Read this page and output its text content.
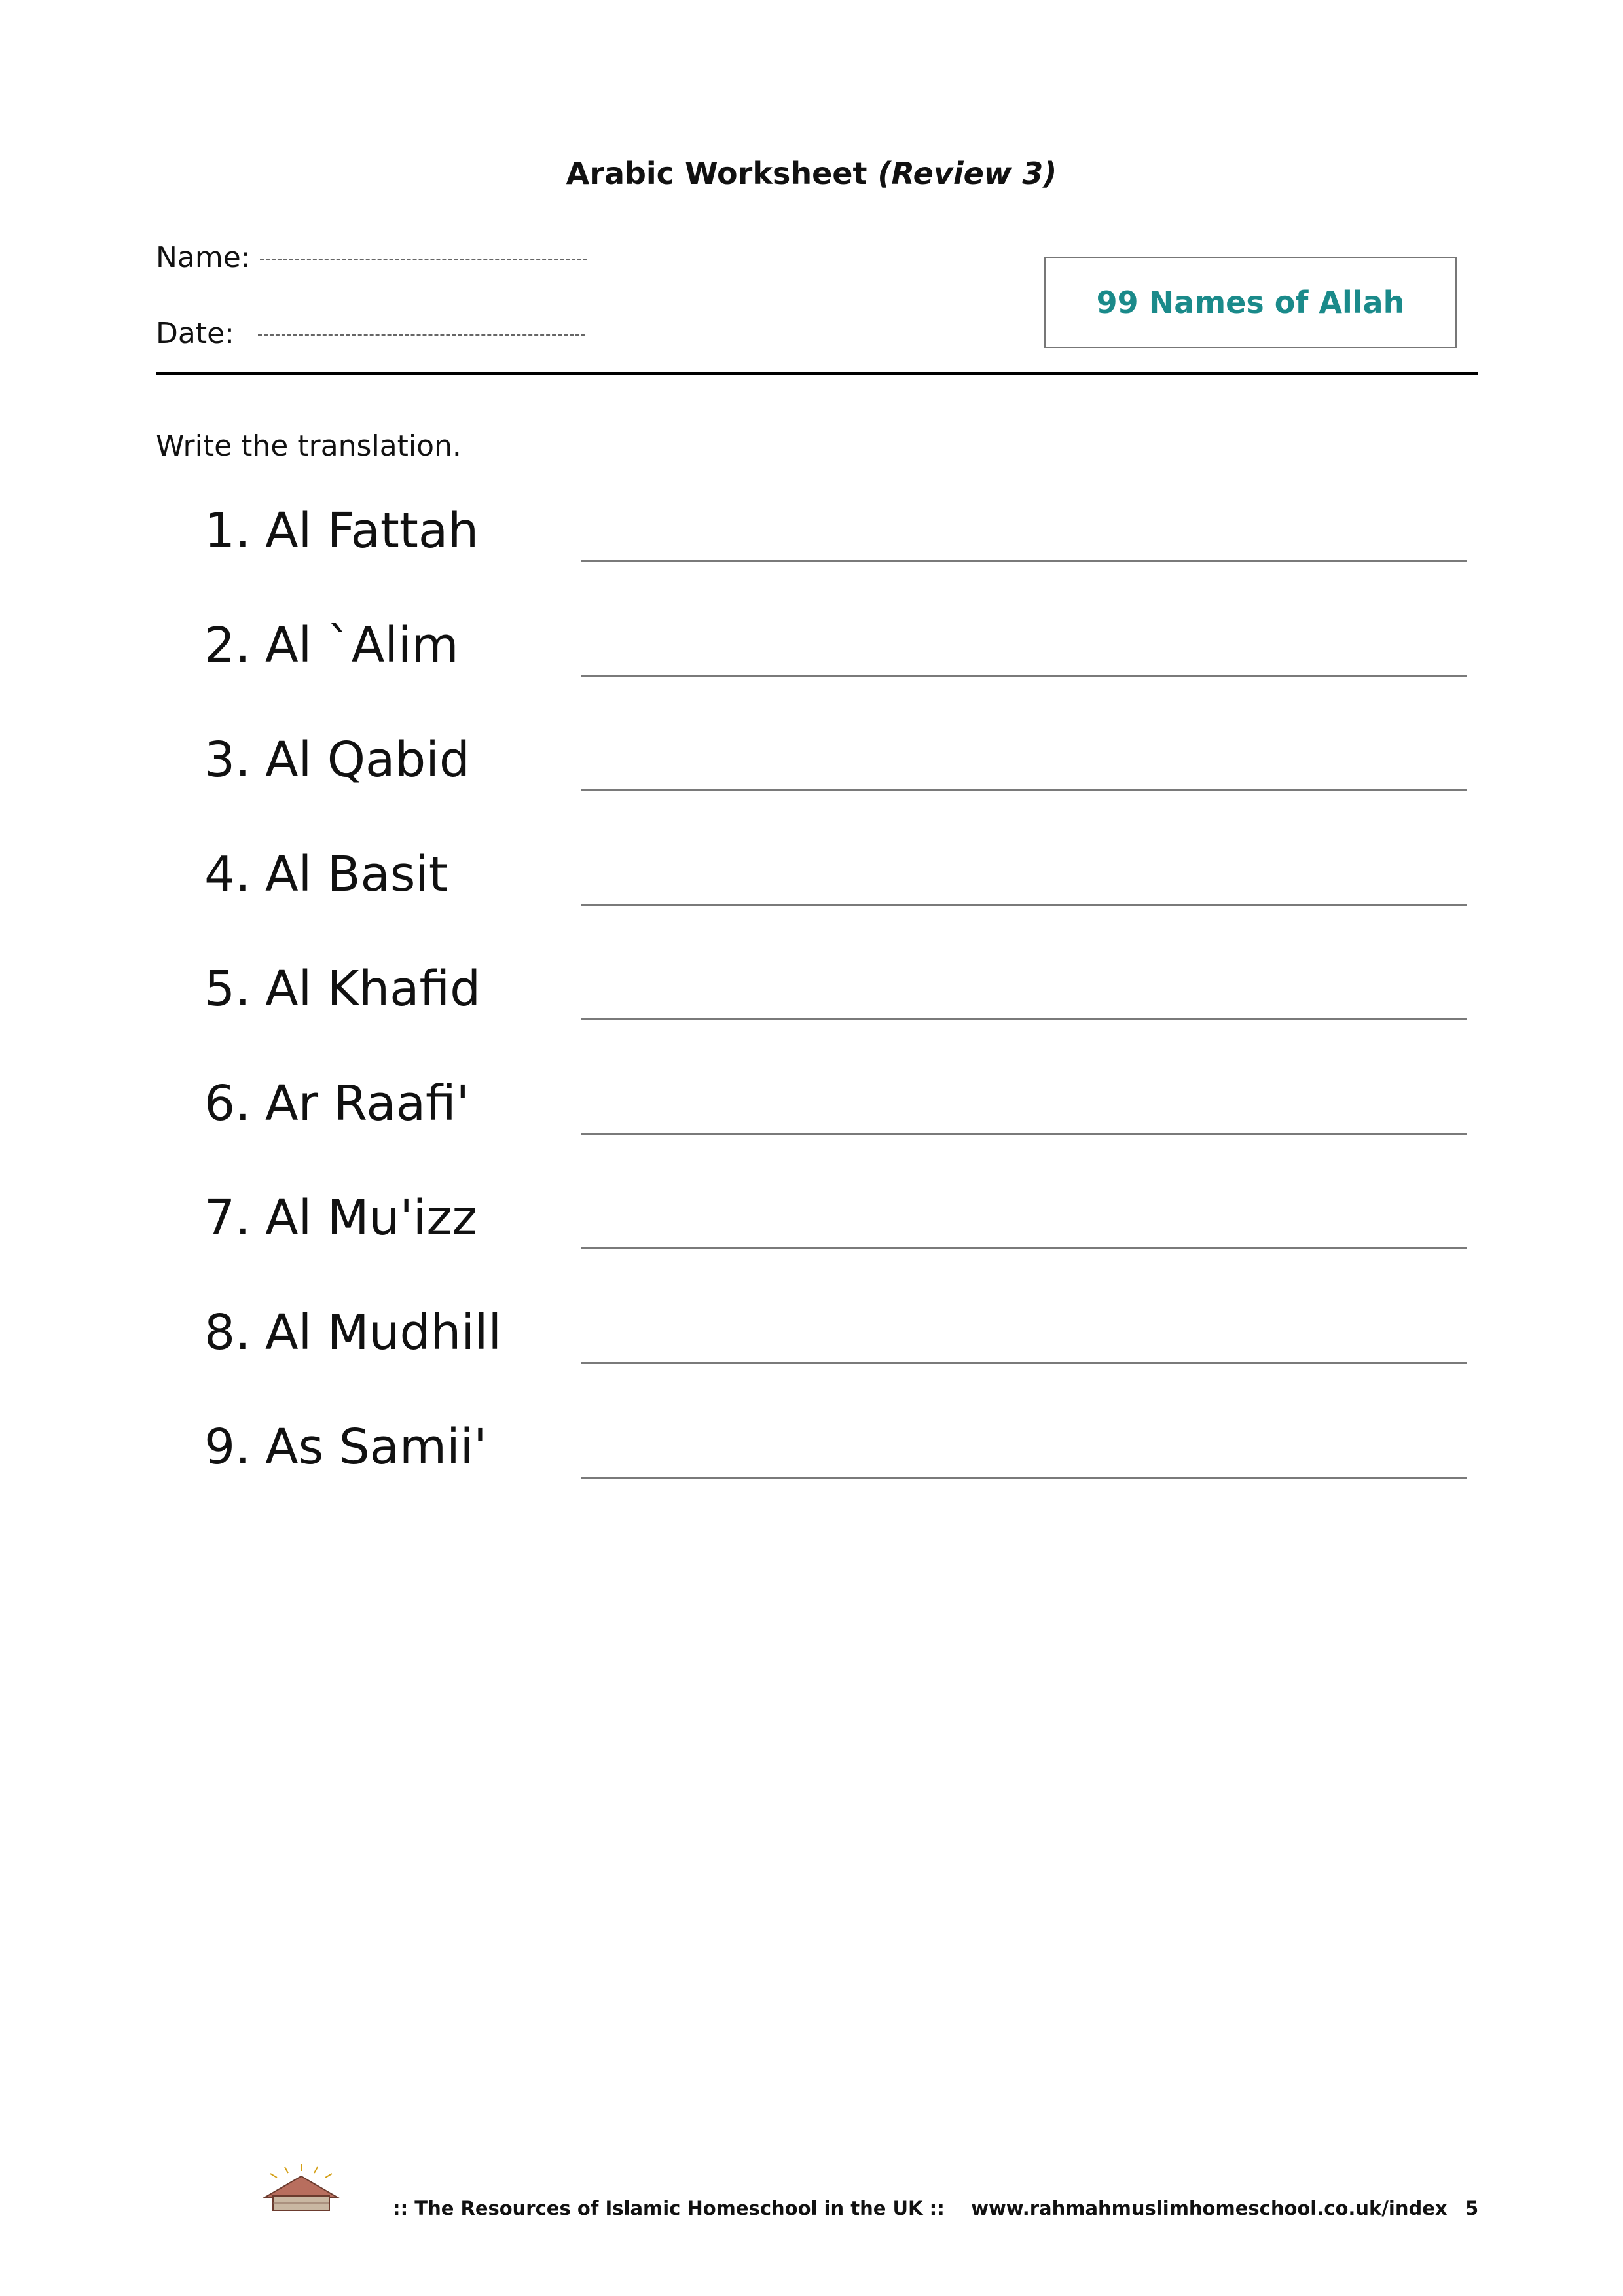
Arabic Worksheet (Review 3)
Name:
Date:
99 Names of Allah
Write the translation.
1. Al Fattah
2. Al `Alim
3. Al Qabid
4. Al Basit
5. Al Khafid
6. Ar Raafi'
7. Al Mu'izz
8. Al Mudhill
9. As Samii'
:: The Resources of Islamic Homeschool in the UK :: www.rahmahmuslimhomeschool.co.uk/index 5
